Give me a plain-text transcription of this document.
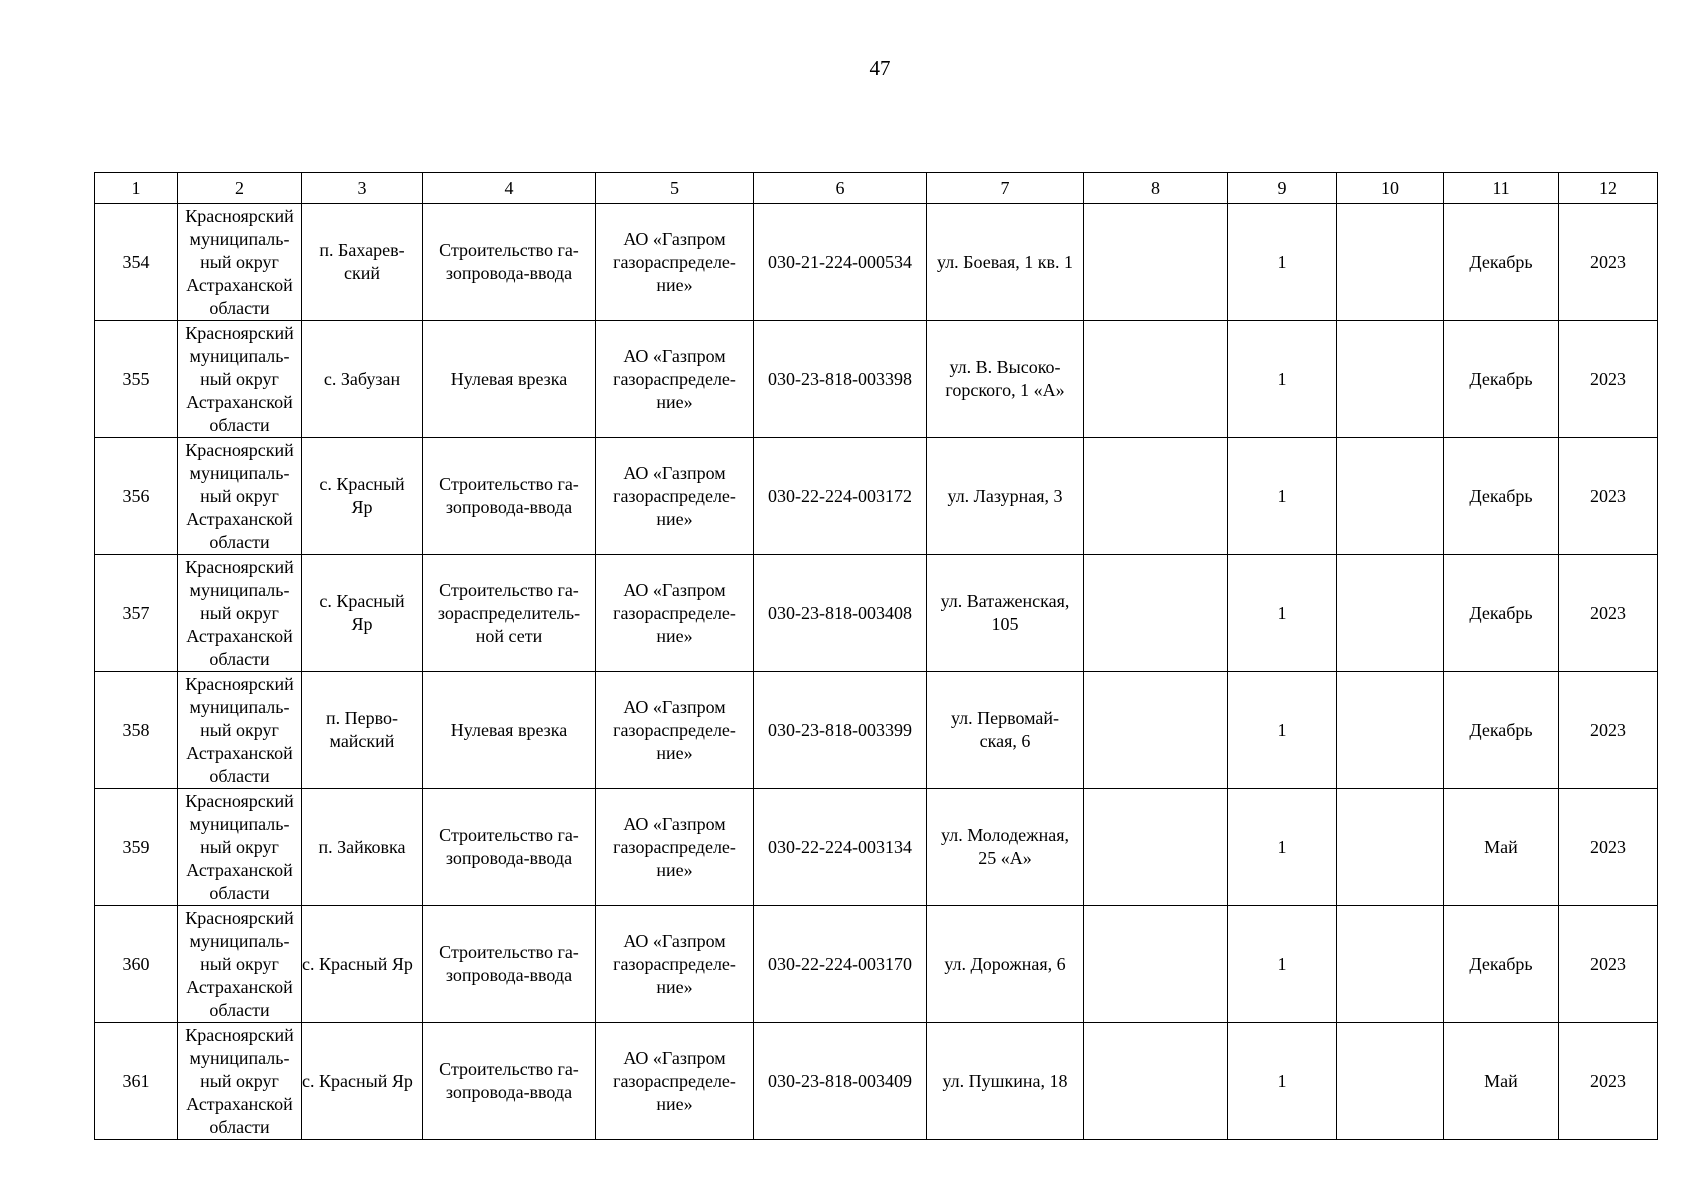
47
1	2	3	4	5	6	7	8	9	10	11	12
354	Красноярский
муниципаль-
ный округ
Астраханской
области	п. Бахарев-
ский	Строительство га-
зопровода-ввода	АО «Газпром
газораспределе-
ние»	030-21-224-000534	ул. Боевая, 1 кв. 1		1		Декабрь	2023
355	Красноярский
муниципаль-
ный округ
Астраханской
области	с. Забузан	Нулевая врезка	АО «Газпром
газораспределе-
ние»	030-23-818-003398	ул. В. Высоко-
горского, 1 «А»		1		Декабрь	2023
356	Красноярский
муниципаль-
ный округ
Астраханской
области	с. Красный
Яр	Строительство га-
зопровода-ввода	АО «Газпром
газораспределе-
ние»	030-22-224-003172	ул. Лазурная, 3		1		Декабрь	2023
357	Красноярский
муниципаль-
ный округ
Астраханской
области	с. Красный
Яр	Строительство га-
зораспределитель-
ной сети	АО «Газпром
газораспределе-
ние»	030-23-818-003408	ул. Ватаженская,
105		1		Декабрь	2023
358	Красноярский
муниципаль-
ный округ
Астраханской
области	п. Перво-
майский	Нулевая врезка	АО «Газпром
газораспределе-
ние»	030-23-818-003399	ул. Первомай-
ская, 6		1		Декабрь	2023
359	Красноярский
муниципаль-
ный округ
Астраханской
области	п. Зайковка	Строительство га-
зопровода-ввода	АО «Газпром
газораспределе-
ние»	030-22-224-003134	ул. Молодежная,
25 «А»		1		Май	2023
360	Красноярский
муниципаль-
ный округ
Астраханской
области	с. Красный Яр	Строительство га-
зопровода-ввода	АО «Газпром
газораспределе-
ние»	030-22-224-003170	ул. Дорожная, 6		1		Декабрь	2023
361	Красноярский
муниципаль-
ный округ
Астраханской
области	с. Красный Яр	Строительство га-
зопровода-ввода	АО «Газпром
газораспределе-
ние»	030-23-818-003409	ул. Пушкина, 18		1		Май	2023
